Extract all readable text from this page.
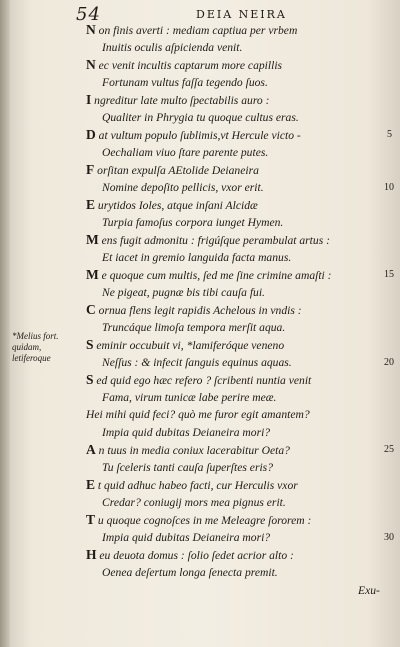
54	DEIA NEIRA
N on finis averti : mediam captiua per vrbem
Inuitis oculis aſpicienda venit.
N ec venit incultis captarum more capillis
Fortunam vultus faſſa tegendo ſuos.
I ngreditur late multo ſpectabilis auro :
Qualiter in Phrygia tu quoque cultus eras.
D at vultum populo ſublimis,vt Hercule victo -
Oechaliam viuo ſtare parente putes.
F orſitan expulſa AEtolide Deianeira
Nomine depoſito pellicis, vxor erit.
E urytidos Ioles, atque inſani Alcidæ
Turpia famoſus corpora iunget Hymen.
M ens fugit admonitu : frigúſque perambulat artus :
Et iacet in gremio languida facta manus.
M e quoque cum multis, ſed me ſine crimine amaſti :
Ne pigeat, pugnæ bis tibi cauſa fui.
C ornua flens legit rapidis Achelous in vndis :
Truncáque limoſa tempora merſit aqua.
S eminir occubuit vi, *lamiferóque veneno
Neſſus : & infecit ſanguis equinus aquas.
S ed quid ego hæc refero ? ſcribenti nuntia venit
Fama, virum tunicæ labe perire meæ.
Hei mihi quid feci? quò me furor egit amantem?
Impia quid dubitas Deianeira mori?
A n tuus in media coniux lacerabitur Oeta?
Tu ſceleris tanti cauſa ſuperſtes eris?
E t quid adhuc habeo facti, cur Herculis vxor
Credar? coniugij mors mea pignus erit.
T u quoque cognoſces in me Meleagre ſororem :
Impia quid dubitas Deianeira mori?
H eu deuota domus : ſolio ſedet acrior alto :
Oenea deſertum longa ſenecta premit.
5
10
15
20
25
30
*Melius fort. quidam, letiferoque
Exu-
